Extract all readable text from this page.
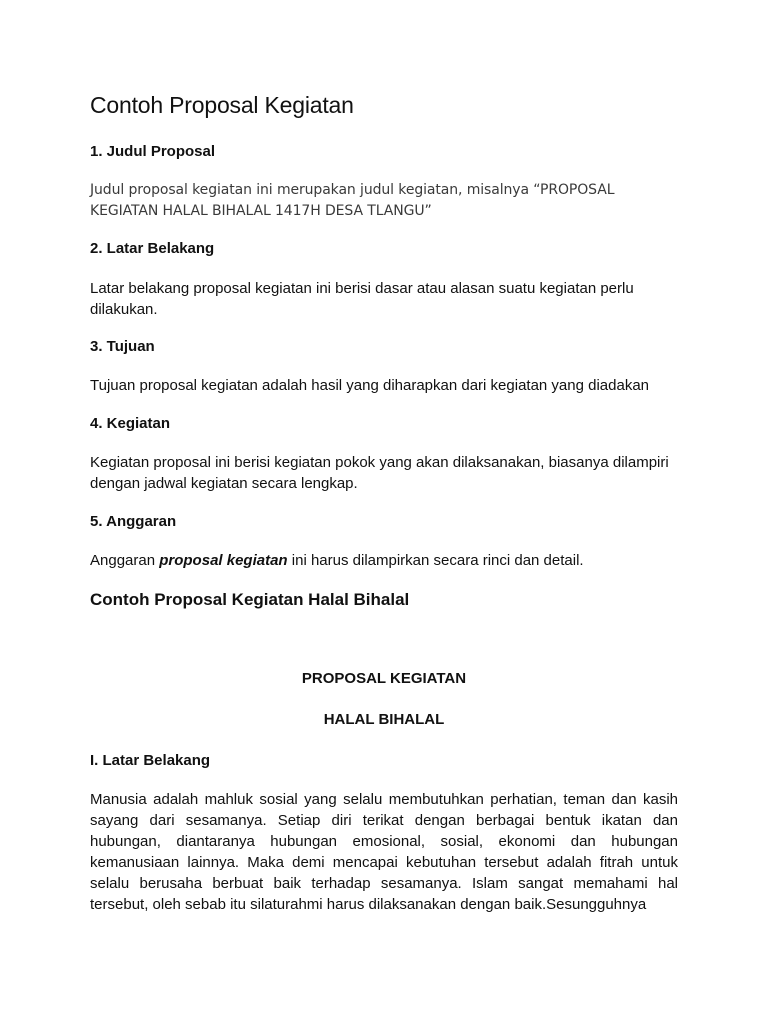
Contoh Proposal Kegiatan
1. Judul Proposal

Judul proposal kegiatan ini merupakan judul kegiatan, misalnya “PROPOSAL KEGIATAN HALAL BIHALAL 1417H DESA TLANGU”

2. Latar Belakang

Latar belakang proposal kegiatan ini berisi dasar atau alasan suatu kegiatan perlu dilakukan.

3. Tujuan

Tujuan proposal kegiatan adalah hasil yang diharapkan dari kegiatan yang diadakan

4. Kegiatan

Kegiatan proposal ini berisi kegiatan pokok yang akan dilaksanakan, biasanya dilampiri dengan jadwal kegiatan secara lengkap.

5. Anggaran

Anggaran proposal kegiatan ini harus dilampirkan secara rinci dan detail.

Contoh Proposal Kegiatan Halal Bihalal
PROPOSAL KEGIATAN
HALAL BIHALAL
I. Latar Belakang

Manusia adalah mahluk sosial yang selalu membutuhkan perhatian, teman dan kasih sayang dari sesamanya. Setiap diri terikat dengan berbagai bentuk ikatan dan hubungan, diantaranya hubungan emosional, sosial, ekonomi dan hubungan kemanusiaan lainnya. Maka demi mencapai kebutuhan tersebut adalah fitrah untuk selalu berusaha berbuat baik terhadap sesamanya. Islam sangat memahami hal tersebut, oleh sebab itu silaturahmi harus dilaksanakan dengan baik.Sesungguhnya
